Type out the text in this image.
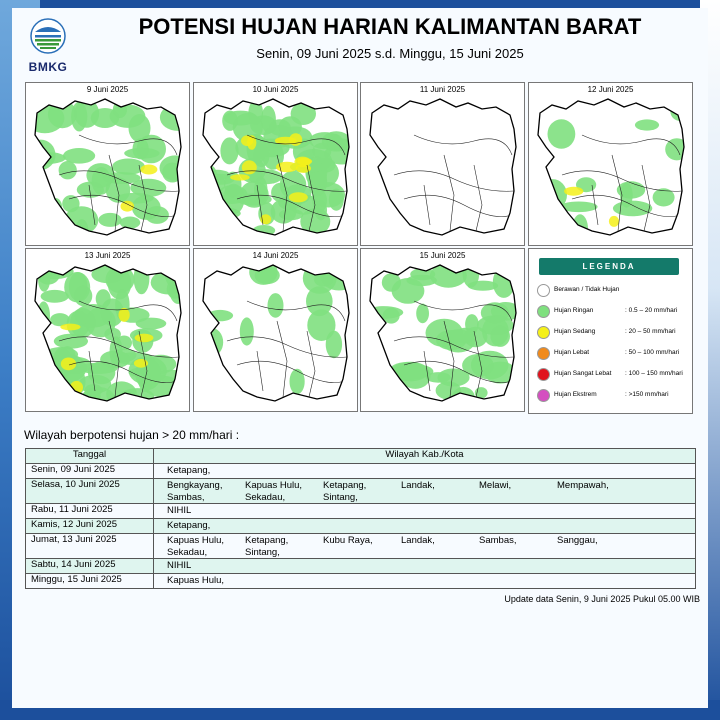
BMKG
POTENSI HUJAN HARIAN KALIMANTAN BARAT
Senin, 09 Juni 2025 s.d. Minggu, 15 Juni 2025
9 Juni 2025	10 Juni 2025	11 Juni 2025	12 Juni 2025
13 Juni 2025	14 Juni 2025	15 Juni 2025
LEGENDA
Berawan / Tidak Hujan
Hujan Ringan	: 0.5 – 20 mm/hari
Hujan Sedang	: 20 – 50 mm/hari
Hujan Lebat	: 50 – 100 mm/hari
Hujan Sangat Lebat : 100 – 150 mm/hari
Hujan Ekstrem	: >150 mm/hari
Wilayah berpotensi hujan > 20 mm/hari :
Tanggal	Wilayah Kab./Kota
Senin, 09 Juni 2025	Ketapang,
Selasa, 10 Juni 2025	Bengkayang, Kapuas Hulu, Ketapang, Landak, Melawi, Mempawah,Sambas, Sekadau, Sintang,
Rabu, 11 Juni 2025	NIHIL
Kamis, 12 Juni 2025	Ketapang,
Jumat, 13 Juni 2025	Kapuas Hulu, Ketapang, Kubu Raya, Landak, Sambas, Sanggau,Sekadau, Sintang,
Sabtu, 14 Juni 2025	NIHIL
Minggu, 15 Juni 2025	Kapuas Hulu,
Update data Senin, 9 Juni 2025 Pukul 05.00 WIB
